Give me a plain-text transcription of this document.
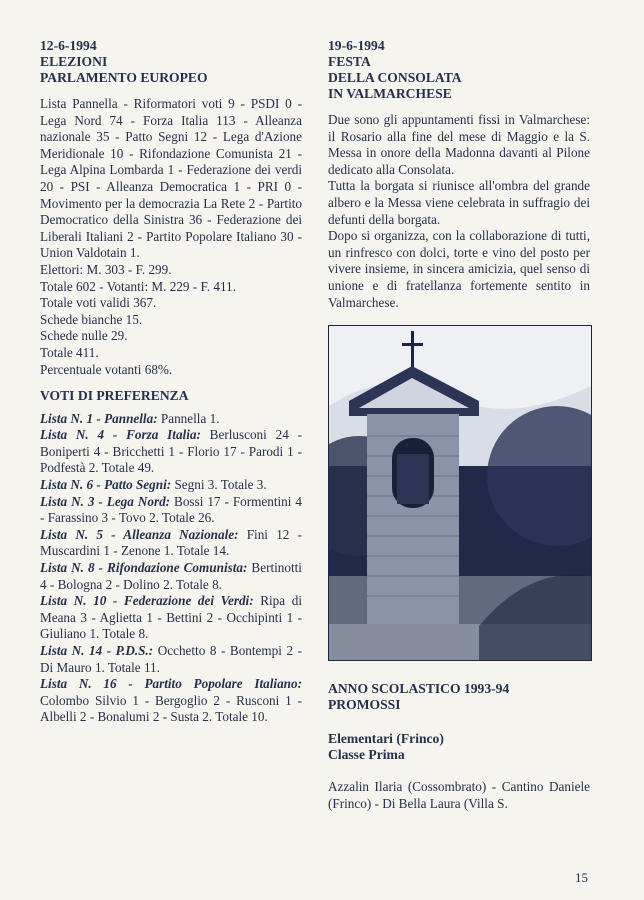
12-6-1994

ELEZIONI

PARLAMENTO EUROPEO

Lista Pannella - Riformatori voti 9 - PSDI 0 - Lega Nord 74 - Forza Italia 113 - Alleanza nazionale 35 - Patto Segni 12 - Lega d'Azione Meridionale 10 - Rifondazione Comunista 21 - Lega Alpina Lombarda 1 - Federazione dei verdi 20 - PSI - Alleanza Democratica 1 - PRI 0 - Movimento per la democrazia La Rete 2 - Partito Democratico della Sinistra 36 - Federazione dei Liberali Italiani 2 - Partito Popolare Italiano 30 - Union Valdotain 1.

Elettori: M. 303 - F. 299.

Totale 602 - Votanti: M. 229 - F. 411.

Totale voti validi 367.

Schede bianche 15.

Schede nulle 29.

Totale 411.

Percentuale votanti 68%.

VOTI DI PREFERENZA

Lista N. 1 - Pannella: Pannella 1.

Lista N. 4 - Forza Italia: Berlusconi 24 - Boniperti 4 - Bricchetti 1 - Florio 17 - Parodi 1 - Podfestà 2. Totale 49.

Lista N. 6 - Patto Segni: Segni 3. Totale 3.

Lista N. 3 - Lega Nord: Bossi 17 - Formentini 4 - Farassino 3 - Tovo 2. Totale 26.

Lista N. 5 - Alleanza Nazionale: Fini 12 - Muscardini 1 - Zenone 1. Totale 14.

Lista N. 8 - Rifondazione Comunista: Bertinotti 4 - Bologna 2 - Dolino 2. Totale 8.

Lista N. 10 - Federazione dei Verdi: Ripa di Meana 3 - Aglietta 1 - Bettini 2 - Occhipinti 1 - Giuliano 1. Totale 8.

Lista N. 14 - P.D.S.: Occhetto 8 - Bontempi 2 - Di Mauro 1. Totale 11.

Lista N. 16 - Partito Popolare Italiano: Colombo Silvio 1 - Bergoglio 2 - Rusconi 1 - Albelli 2 - Bonalumi 2 - Susta 2. Totale 10.

19-6-1994

FESTA

DELLA CONSOLATA

IN VALMARCHESE

Due sono gli appuntamenti fissi in Valmarchese: il Rosario alla fine del mese di Maggio e la S. Messa in onore della Madonna davanti al Pilone dedicato alla Consolata.

Tutta la borgata si riunisce all'ombra del grande albero e la Messa viene celebrata in suffragio dei defunti della borgata.

Dopo si organizza, con la collaborazione di tutti, un rinfresco con dolci, torte e vino del posto per vivere insieme, in sincera amicizia, quel senso di unione e di fratellanza fortemente sentito in Valmarchese.

ANNO SCOLASTICO 1993-94

PROMOSSI

Elementari (Frinco)

Classe Prima

Azzalin Ilaria (Cossombrato) - Cantino Daniele (Frinco) - Di Bella Laura (Villa S.

15
